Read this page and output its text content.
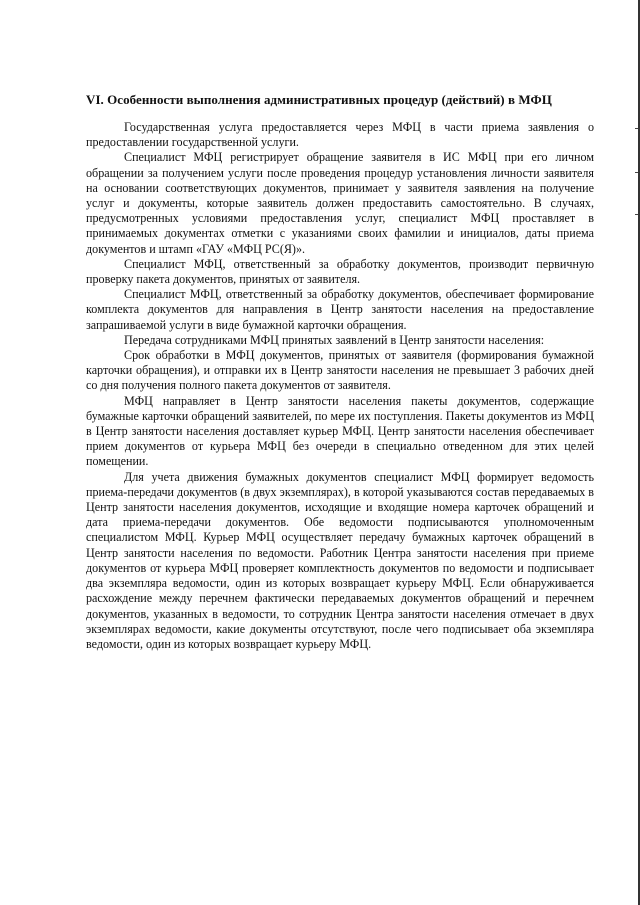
VI. Особенности выполнения административных процедур (действий) в МФЦ

Государственная услуга предоставляется через МФЦ в части приема заявления о предоставлении государственной услуги.

Специалист МФЦ регистрирует обращение заявителя в ИС МФЦ при его личном обращении за получением услуги после проведения процедур установления личности заявителя на основании соответствующих документов, принимает у заявителя заявления на получение услуг и документы, которые заявитель должен предоставить самостоятельно. В случаях, предусмотренных условиями предоставления услуг, специалист МФЦ проставляет в принимаемых документах отметки с указаниями своих фамилии и инициалов, даты приема документов и штамп «ГАУ «МФЦ РС(Я)».

Специалист МФЦ, ответственный за обработку документов, производит первичную проверку пакета документов, принятых от заявителя.

Специалист МФЦ, ответственный за обработку документов, обеспечивает формирование комплекта документов для направления в Центр занятости населения на предоставление запрашиваемой услуги в виде бумажной карточки обращения.

Передача сотрудниками МФЦ принятых заявлений в Центр занятости населения:

Срок обработки в МФЦ документов, принятых от заявителя (формирования бумажной карточки обращения), и отправки их в Центр занятости населения не превышает 3 рабочих дней со дня получения полного пакета документов от заявителя.

МФЦ направляет в Центр занятости населения пакеты документов, содержащие бумажные карточки обращений заявителей, по мере их поступления. Пакеты документов из МФЦ в Центр занятости населения доставляет курьер МФЦ. Центр занятости населения обеспечивает прием документов от курьера МФЦ без очереди в специально отведенном для этих целей помещении.

Для учета движения бумажных документов специалист МФЦ формирует ведомость приема-передачи документов (в двух экземплярах), в которой указываются состав передаваемых в Центр занятости населения документов, исходящие и входящие номера карточек обращений и дата приема-передачи документов. Обе ведомости подписываются уполномоченным специалистом МФЦ. Курьер МФЦ осуществляет передачу бумажных карточек обращений в Центр занятости населения по ведомости. Работник Центра занятости населения при приеме документов от курьера МФЦ проверяет комплектность документов по ведомости и подписывает два экземпляра ведомости, один из которых возвращает курьеру МФЦ. Если обнаруживается расхождение между перечнем фактически передаваемых документов обращений и перечнем документов, указанных в ведомости, то сотрудник Центра занятости населения отмечает в двух экземплярах ведомости, какие документы отсутствуют, после чего подписывает оба экземпляра ведомости, один из которых возвращает курьеру МФЦ.
